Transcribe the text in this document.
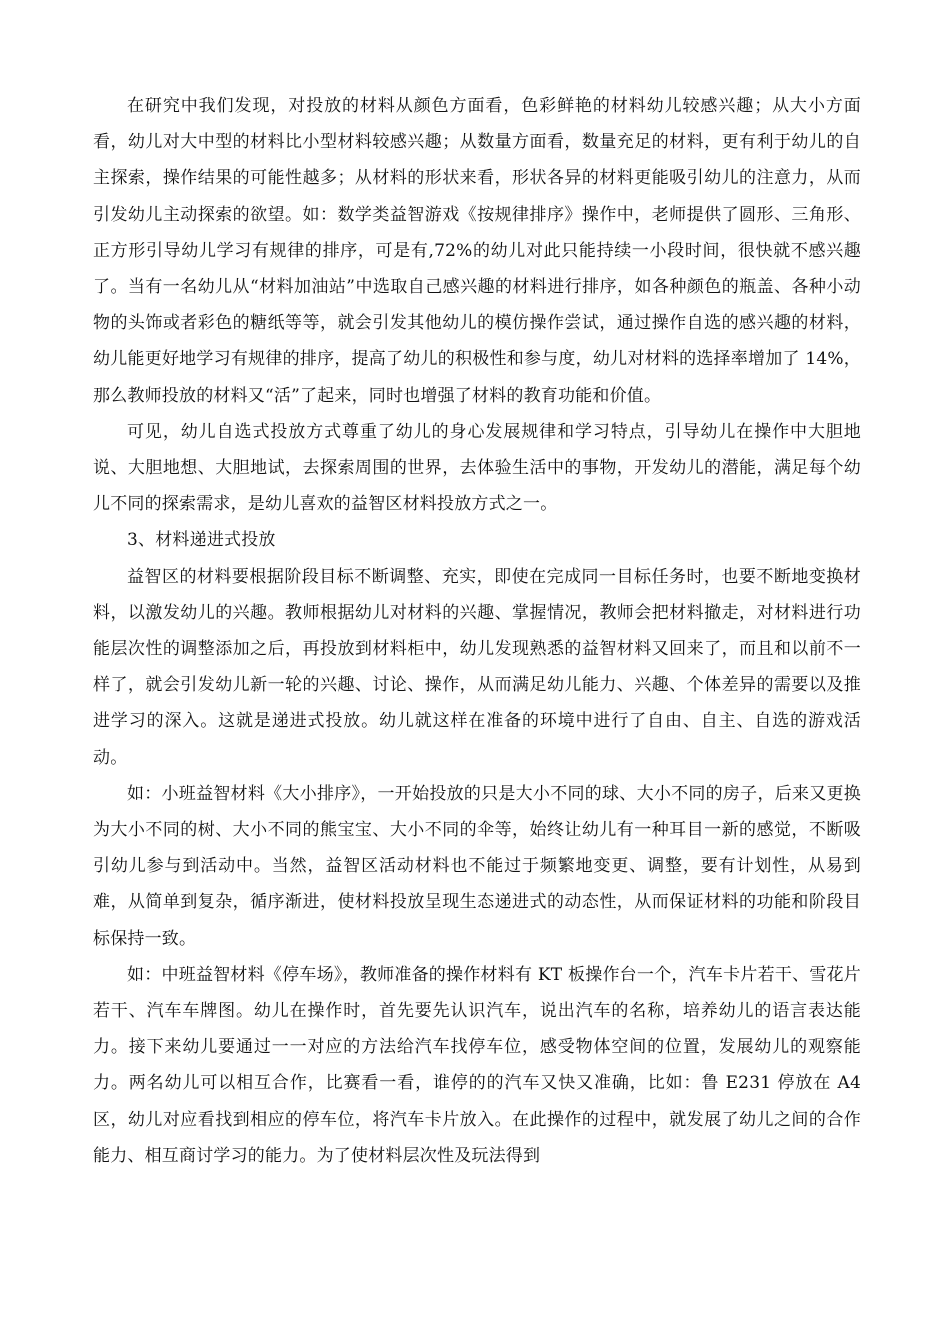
在研究中我们发现，对投放的材料从颜色方面看，色彩鲜艳的材料幼儿较感兴趣；从大小方面看，幼儿对大中型的材料比小型材料较感兴趣；从数量方面看，数量充足的材料，更有利于幼儿的自主探索，操作结果的可能性越多；从材料的形状来看，形状各异的材料更能吸引幼儿的注意力，从而引发幼儿主动探索的欲望。如：数学类益智游戏《按规律排序》操作中，老师提供了圆形、三角形、正方形引导幼儿学习有规律的排序，可是有,72%的幼儿对此只能持续一小段时间，很快就不感兴趣了。当有一名幼儿从“材料加油站”中选取自己感兴趣的材料进行排序，如各种颜色的瓶盖、各种小动物的头饰或者彩色的糖纸等等，就会引发其他幼儿的模仿操作尝试，通过操作自选的感兴趣的材料，幼儿能更好地学习有规律的排序，提高了幼儿的积极性和参与度，幼儿对材料的选择率增加了 14%，那么教师投放的材料又“活”了起来，同时也增强了材料的教育功能和价值。

可见，幼儿自选式投放方式尊重了幼儿的身心发展规律和学习特点，引导幼儿在操作中大胆地说、大胆地想、大胆地试，去探索周围的世界，去体验生活中的事物，开发幼儿的潜能，满足每个幼儿不同的探索需求，是幼儿喜欢的益智区材料投放方式之一。

3、材料递进式投放

益智区的材料要根据阶段目标不断调整、充实，即使在完成同一目标任务时，也要不断地变换材料，以激发幼儿的兴趣。教师根据幼儿对材料的兴趣、掌握情况，教师会把材料撤走，对材料进行功能层次性的调整添加之后，再投放到材料柜中，幼儿发现熟悉的益智材料又回来了，而且和以前不一样了，就会引发幼儿新一轮的兴趣、讨论、操作，从而满足幼儿能力、兴趣、个体差异的需要以及推进学习的深入。这就是递进式投放。幼儿就这样在准备的环境中进行了自由、自主、自选的游戏活动。

如：小班益智材料《大小排序》，一开始投放的只是大小不同的球、大小不同的房子，后来又更换为大小不同的树、大小不同的熊宝宝、大小不同的伞等，始终让幼儿有一种耳目一新的感觉，不断吸引幼儿参与到活动中。当然，益智区活动材料也不能过于频繁地变更、调整，要有计划性，从易到难，从简单到复杂，循序渐进，使材料投放呈现生态递进式的动态性，从而保证材料的功能和阶段目标保持一致。

如：中班益智材料《停车场》，教师准备的操作材料有 KT 板操作台一个，汽车卡片若干、雪花片若干、汽车车牌图。幼儿在操作时，首先要先认识汽车，说出汽车的名称，培养幼儿的语言表达能力。接下来幼儿要通过一一对应的方法给汽车找停车位，感受物体空间的位置，发展幼儿的观察能力。两名幼儿可以相互合作，比赛看一看，谁停的的汽车又快又准确，比如：鲁 E231 停放在 A4 区，幼儿对应看找到相应的停车位，将汽车卡片放入。在此操作的过程中，就发展了幼儿之间的合作能力、相互商讨学习的能力。为了使材料层次性及玩法得到
